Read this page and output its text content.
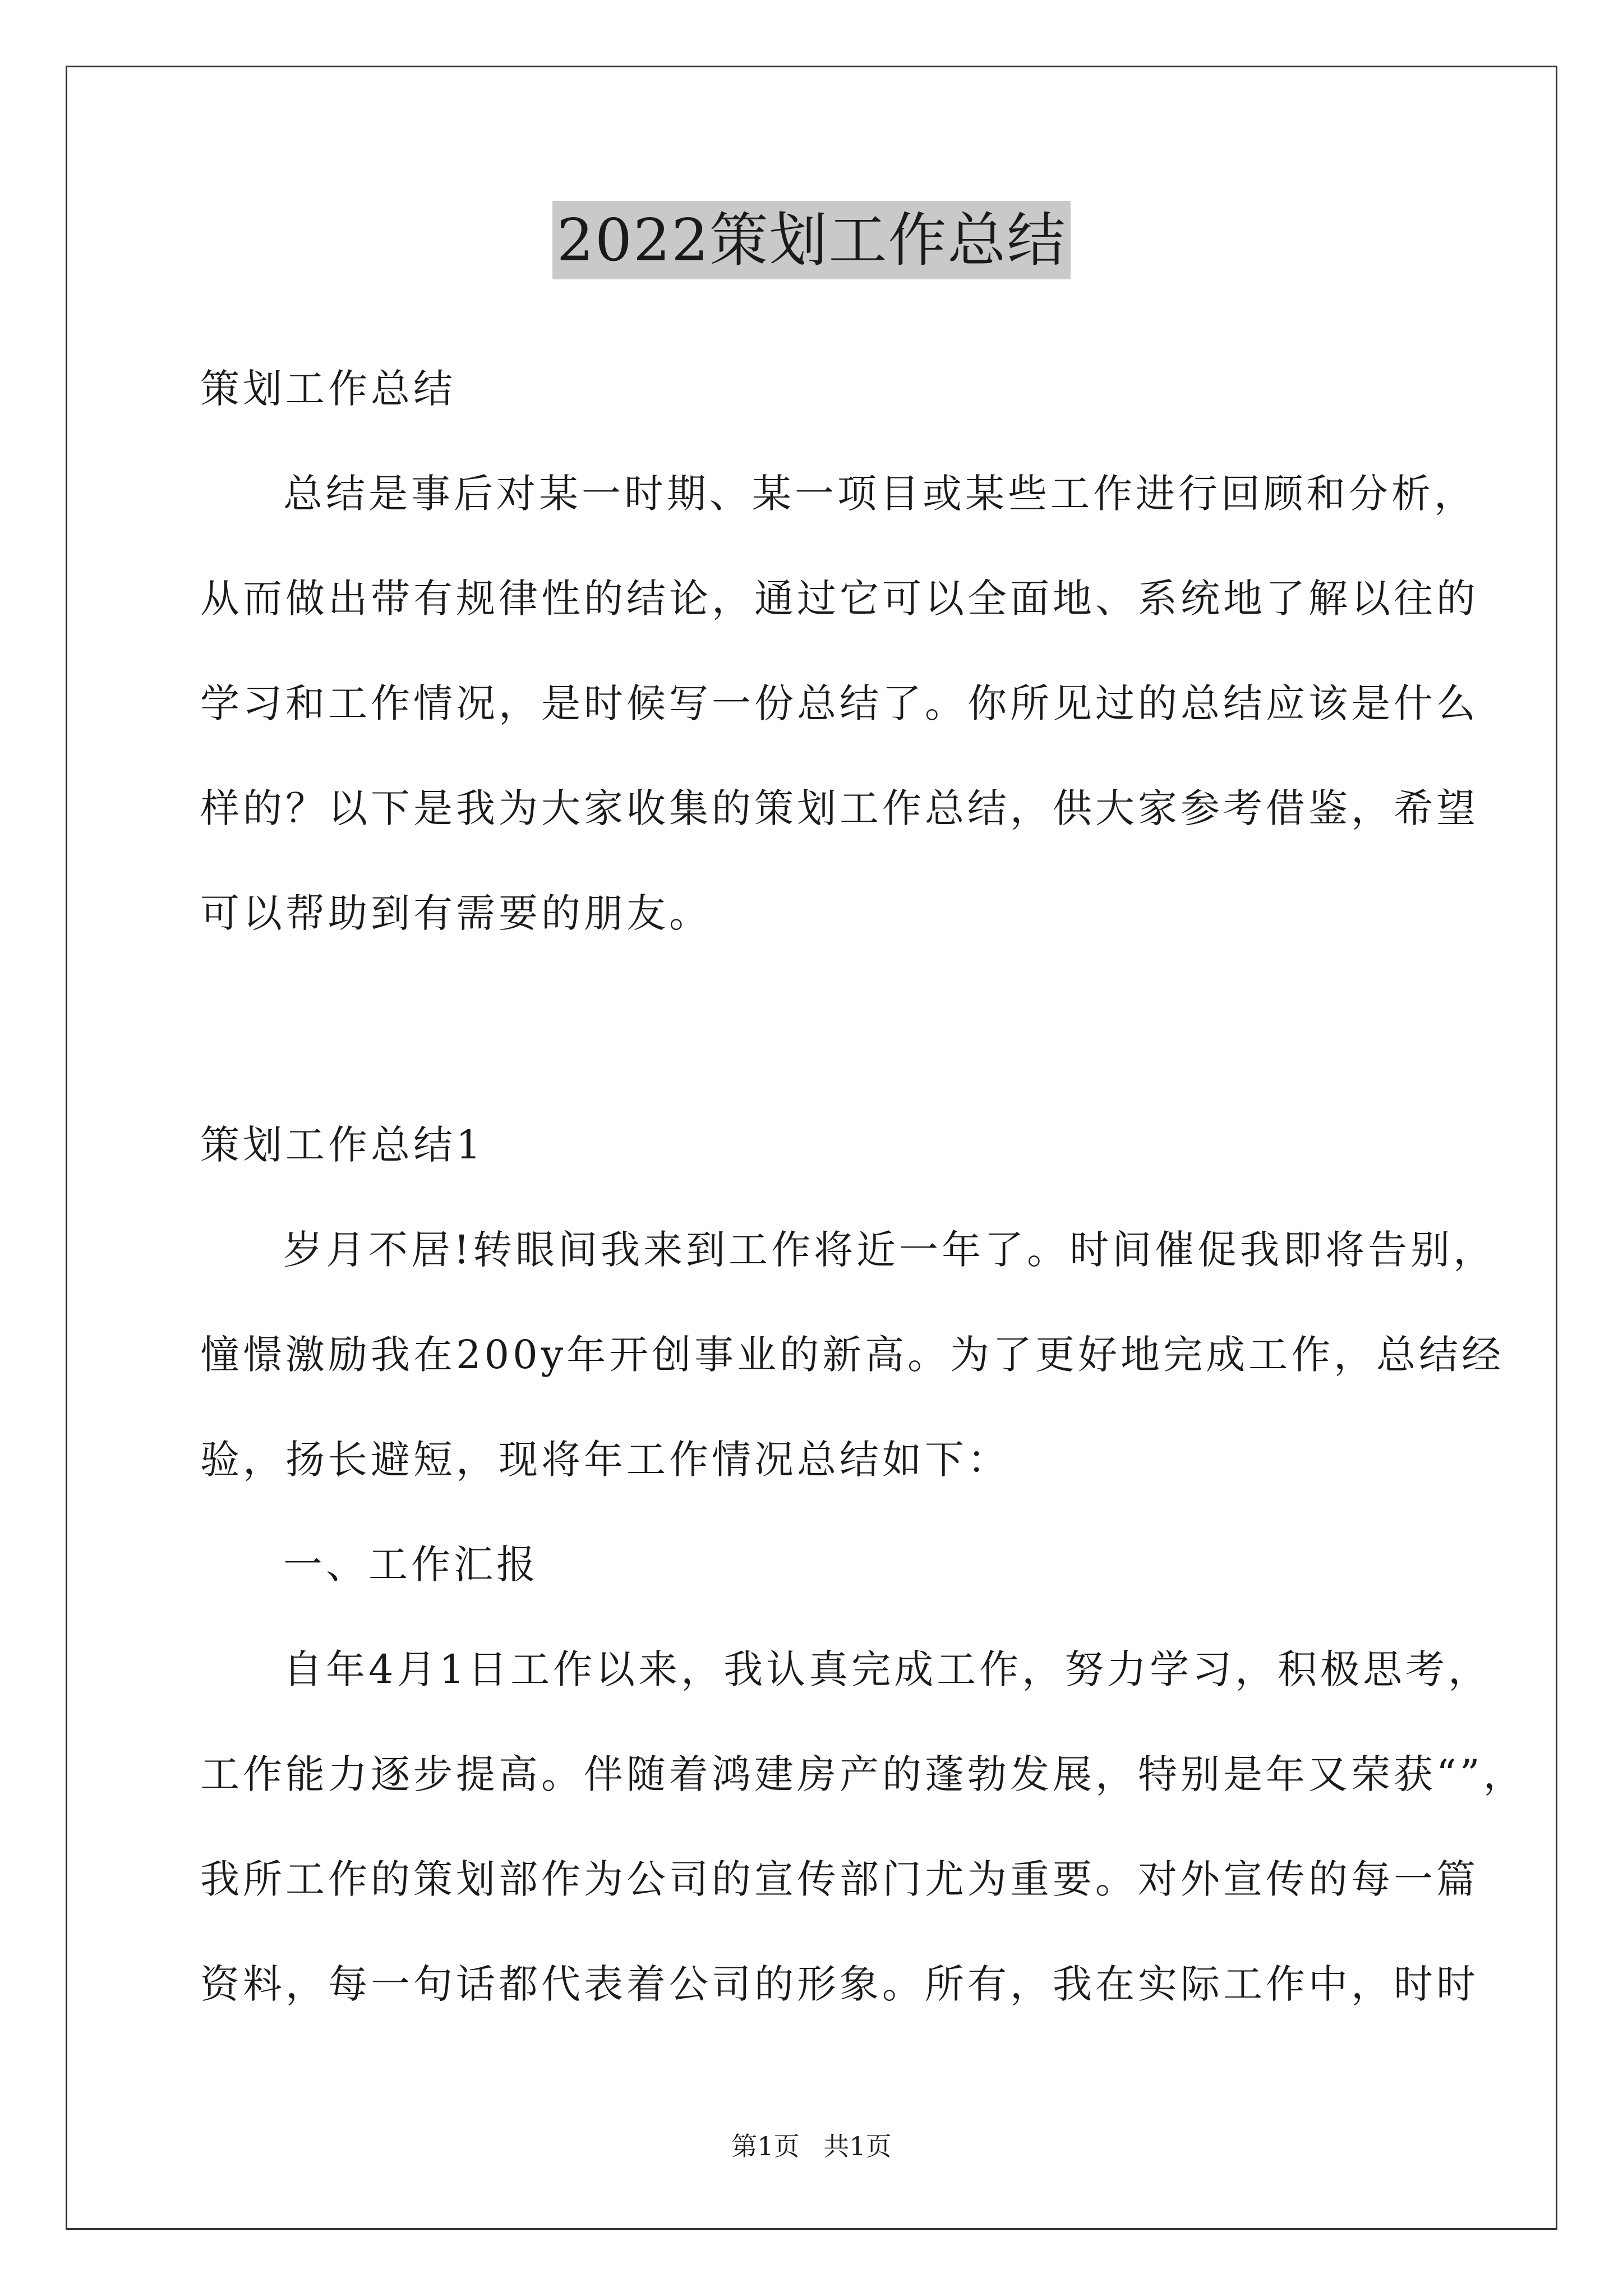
2022策划工作总结
策划工作总结
总结是事后对某一时期、某一项目或某些工作进行回顾和分析，
从而做出带有规律性的结论，通过它可以全面地、系统地了解以往的
学习和工作情况，是时候写一份总结了。你所见过的总结应该是什么
样的？以下是我为大家收集的策划工作总结，供大家参考借鉴，希望
可以帮助到有需要的朋友。
策划工作总结1
岁月不居!转眼间我来到工作将近一年了。时间催促我即将告别，
憧憬激励我在200y年开创事业的新高。为了更好地完成工作，总结经
验，扬长避短，现将年工作情况总结如下：
一、工作汇报
自年4月1日工作以来，我认真完成工作，努力学习，积极思考，
工作能力逐步提高。伴随着鸿建房产的蓬勃发展，特别是年又荣获“”，
我所工作的策划部作为公司的宣传部门尤为重要。对外宣传的每一篇
资料，每一句话都代表着公司的形象。所有，我在实际工作中，时时
第1页 共1页
